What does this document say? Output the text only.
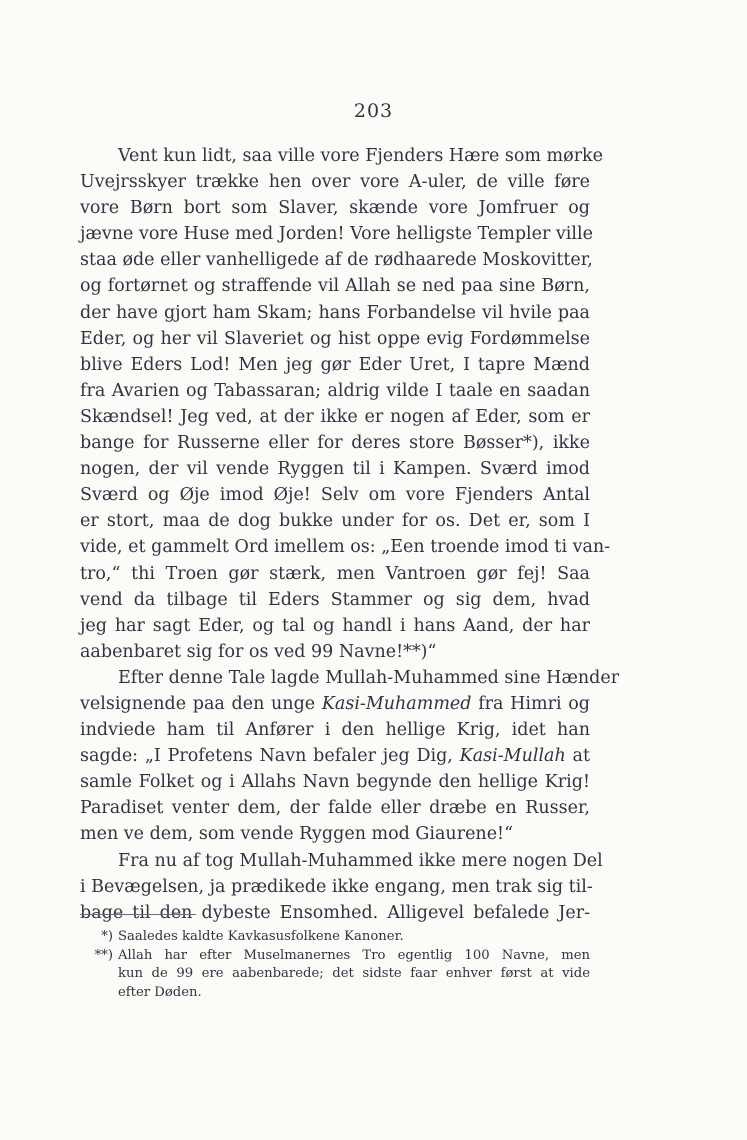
203
Vent kun lidt, saa ville vore Fjenders Hære som mørke
Uvejrsskyer trække hen over vore A-uler, de ville føre
vore Børn bort som Slaver, skænde vore Jomfruer og
jævne vore Huse med Jorden! Vore helligste Templer ville
staa øde eller vanhelligede af de rødhaarede Moskovitter,
og fortørnet og straffende vil Allah se ned paa sine Børn,
der have gjort ham Skam; hans Forbandelse vil hvile paa
Eder, og her vil Slaveriet og hist oppe evig Fordømmelse
blive Eders Lod! Men jeg gør Eder Uret, I tapre Mænd
fra Avarien og Tabassaran; aldrig vilde I taale en saadan
Skændsel! Jeg ved, at der ikke er nogen af Eder, som er
bange for Russerne eller for deres store Bøsser*), ikke
nogen, der vil vende Ryggen til i Kampen. Sværd imod
Sværd og Øje imod Øje! Selv om vore Fjenders Antal
er stort, maa de dog bukke under for os. Det er, som I
vide, et gammelt Ord imellem os: „Een troende imod ti van-
tro,“ thi Troen gør stærk, men Vantroen gør fej! Saa
vend da tilbage til Eders Stammer og sig dem, hvad
jeg har sagt Eder, og tal og handl i hans Aand, der har
aabenbaret sig for os ved 99 Navne!**)“
Efter denne Tale lagde Mullah-Muhammed sine Hænder
velsignende paa den unge Kasi-Muhammed fra Himri og
indviede ham til Anfører i den hellige Krig, idet han
sagde: „I Profetens Navn befaler jeg Dig, Kasi-Mullah at
samle Folket og i Allahs Navn begynde den hellige Krig!
Paradiset venter dem, der falde eller dræbe en Russer,
men ve dem, som vende Ryggen mod Giaurene!“
Fra nu af tog Mullah-Muhammed ikke mere nogen Del
i Bevægelsen, ja prædikede ikke engang, men trak sig til-
bage til den dybeste Ensomhed. Alligevel befalede Jer-
*) Saaledes kaldte Kavkasusfolkene Kanoner.
**) Allah har efter Muselmanernes Tro egentlig 100 Navne, men
kun de 99 ere aabenbarede; det sidste faar enhver først at vide
efter Døden.
